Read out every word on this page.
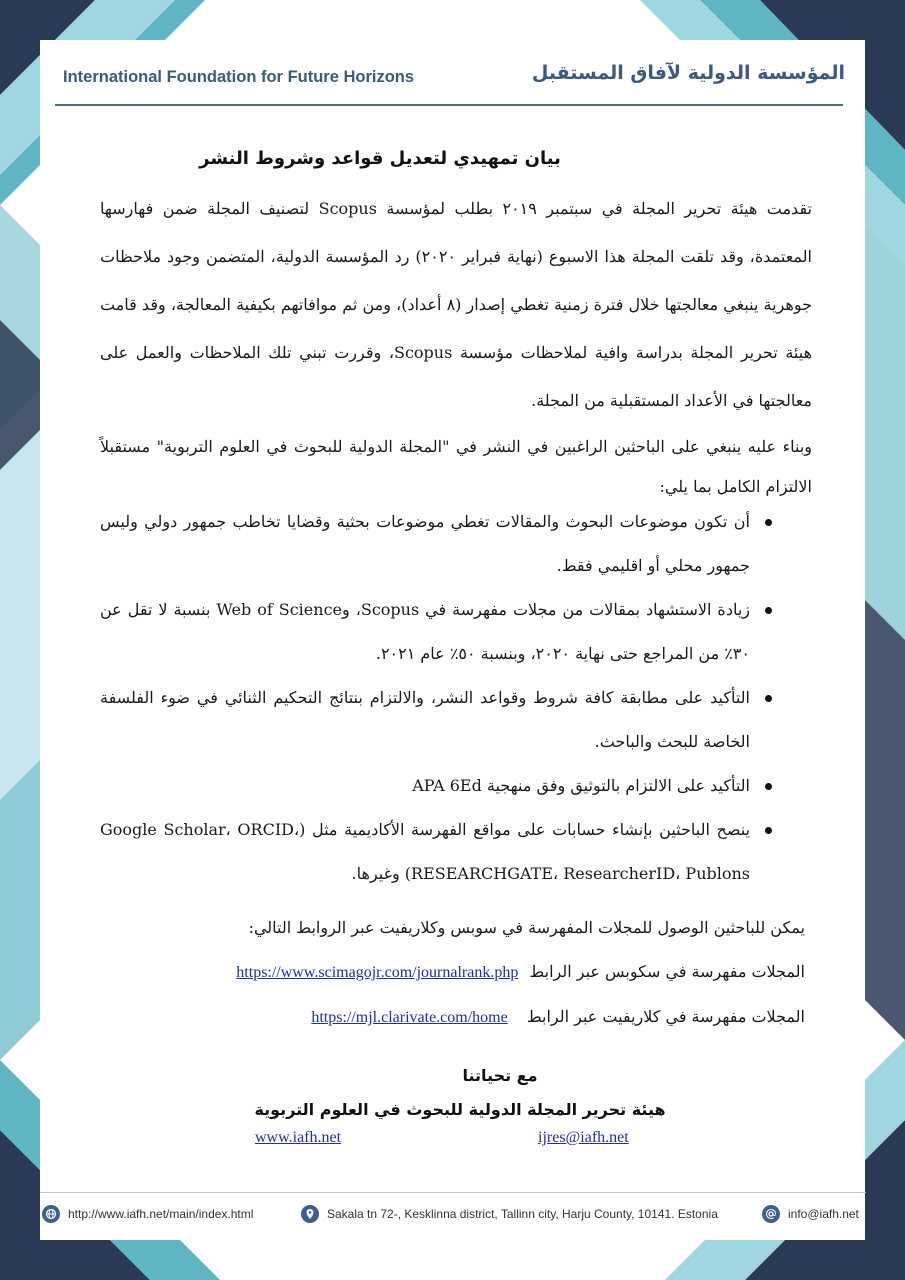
International Foundation for Future Horizons	المؤسسة الدولية لآفاق المستقبل
بيان تمهيدي لتعديل قواعد وشروط النشر
تقدمت هيئة تحرير المجلة في سبتمبر ٢٠١٩ بطلب لمؤسسة Scopus لتصنيف المجلة ضمن فهارسها المعتمدة، وقد تلقت المجلة هذا الاسبوع (نهاية فبراير ٢٠٢٠) رد المؤسسة الدولية، المتضمن وجود ملاحظات جوهرية ينبغي معالجتها خلال فترة زمنية تغطي إصدار (٨ أعداد)، ومن ثم موافاتهم بكيفية المعالجة، وقد قامت هيئة تحرير المجلة بدراسة وافية لملاحظات مؤسسة Scopus، وقررت تبني تلك الملاحظات والعمل على معالجتها في الأعداد المستقبلية من المجلة.
وبناء عليه ينبغي على الباحثين الراغبين في النشر في "المجلة الدولية للبحوث في العلوم التربوية" مستقبلاً الالتزام الكامل بما يلي:
أن تكون موضوعات البحوث والمقالات تغطي موضوعات بحثية وقضايا تخاطب جمهور دولي وليس جمهور محلي أو اقليمي فقط.
زيادة الاستشهاد بمقالات من مجلات مفهرسة في Scopus، وWeb of Science بنسبة لا تقل عن ٣٠٪ من المراجع حتى نهاية ٢٠٢٠، وبنسبة ٥٠٪ عام ٢٠٢١.
التأكيد على مطابقة كافة شروط وقواعد النشر، والالتزام بنتائج التحكيم الثنائي في ضوء الفلسفة الخاصة للبحث والباحث.
التأكيد على الالتزام بالتوثيق وفق منهجية APA 6Ed
ينصح الباحثين بإنشاء حسابات على مواقع الفهرسة الأكاديمية مثل (Google Scholar، ORCID، RESEARCHGATE، ResearcherID، Publons) وغيرها.
يمكن للباحثين الوصول للمجلات المفهرسة في سوبس وكلاريفيت عبر الروابط التالي:
المجلات مفهرسة في سكوبس عبر الرابط https://www.scimagojr.com/journalrank.php
المجلات مفهرسة في كلاريفيت عبر الرابط https://mjl.clarivate.com/home
مع تحياتنا
هيئة تحرير المجلة الدولية للبحوث في العلوم التربوية
www.iafh.net	ijres@iafh.net
http://www.iafh.net/main/index.html	Sakala tn 72-, Kesklinna district, Tallinn city, Harju County, 10141. Estonia	info@iafh.net
